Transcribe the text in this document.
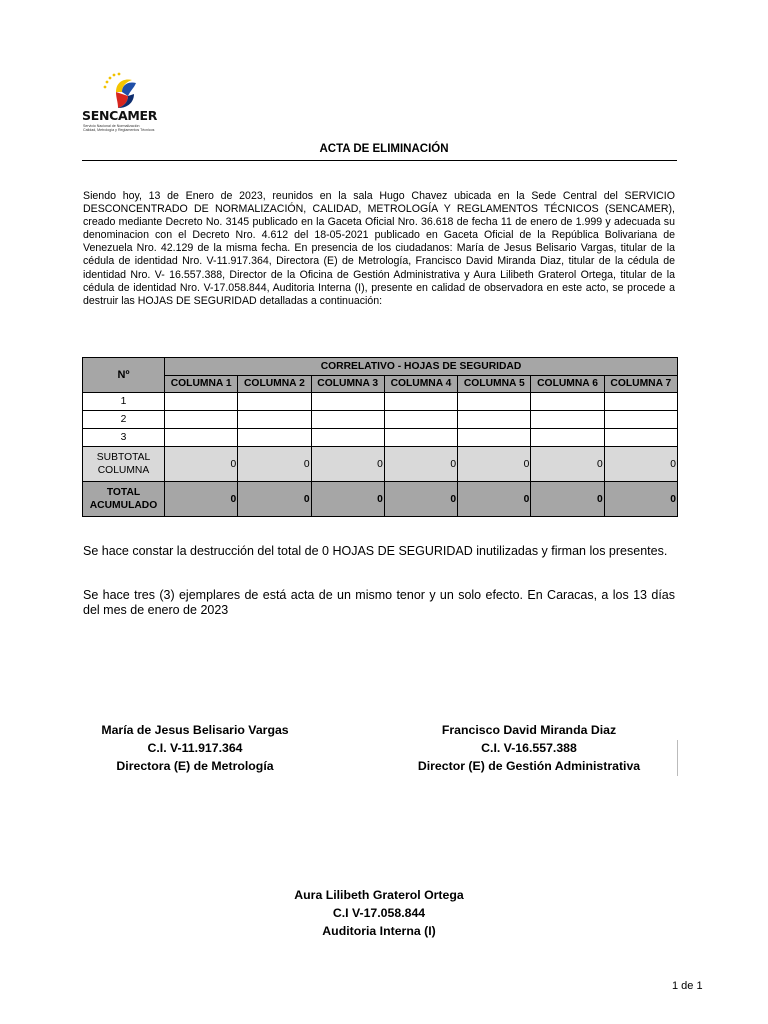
SENCAMER
Servicio Nacional de Normalización
Calidad, Metrología y Reglamentos Técnicos
ACTA DE ELIMINACIÓN
Siendo hoy, 13 de Enero de 2023, reunidos en la sala Hugo Chavez ubicada en la Sede Central del SERVICIO DESCONCENTRADO DE NORMALIZACIÓN, CALIDAD, METROLOGÍA Y REGLAMENTOS TÉCNICOS (SENCAMER), creado mediante Decreto No. 3145 publicado en la Gaceta Oficial Nro. 36.618 de fecha 11 de enero de 1.999 y adecuada su denominacion con el Decreto Nro. 4.612 del 18-05-2021 publicado en Gaceta Oficial de la República Bolivariana de Venezuela Nro. 42.129 de la misma fecha. En presencia de los ciudadanos: María de Jesus Belisario Vargas, titular de la cédula de identidad Nro. V-11.917.364, Directora (E) de Metrología, Francisco David Miranda Diaz, titular de la cédula de identidad Nro. V- 16.557.388, Director de la Oficina de Gestión Administrativa y Aura Lilibeth Graterol Ortega, titular de la cédula de identidad Nro. V-17.058.844, Auditoria Interna (I), presente en calidad de observadora en este acto, se procede a destruir las HOJAS DE SEGURIDAD detalladas a continuación:
Nº	CORRELATIVO - HOJAS DE SEGURIDAD						
	COLUMNA 1	COLUMNA 2	COLUMNA 3	COLUMNA 4	COLUMNA 5	COLUMNA 6	COLUMNA 7
1							
2							
3							
SUBTOTAL COLUMNA	0	0	0	0	0	0	0
TOTAL ACUMULADO	0	0	0	0	0	0	0
Se hace constar la destrucción del total de 0 HOJAS DE SEGURIDAD inutilizadas y firman los presentes.
Se hace tres (3) ejemplares de está acta de un mismo tenor y un solo efecto. En Caracas, a los 13 días del mes de enero de 2023
María de Jesus Belisario Vargas
C.I. V-11.917.364
Directora (E) de Metrología
Francisco David Miranda Diaz
C.I. V-16.557.388
Director (E) de Gestión Administrativa
Aura Lilibeth Graterol Ortega
C.I V-17.058.844
Auditoria Interna (I)
1 de 1
